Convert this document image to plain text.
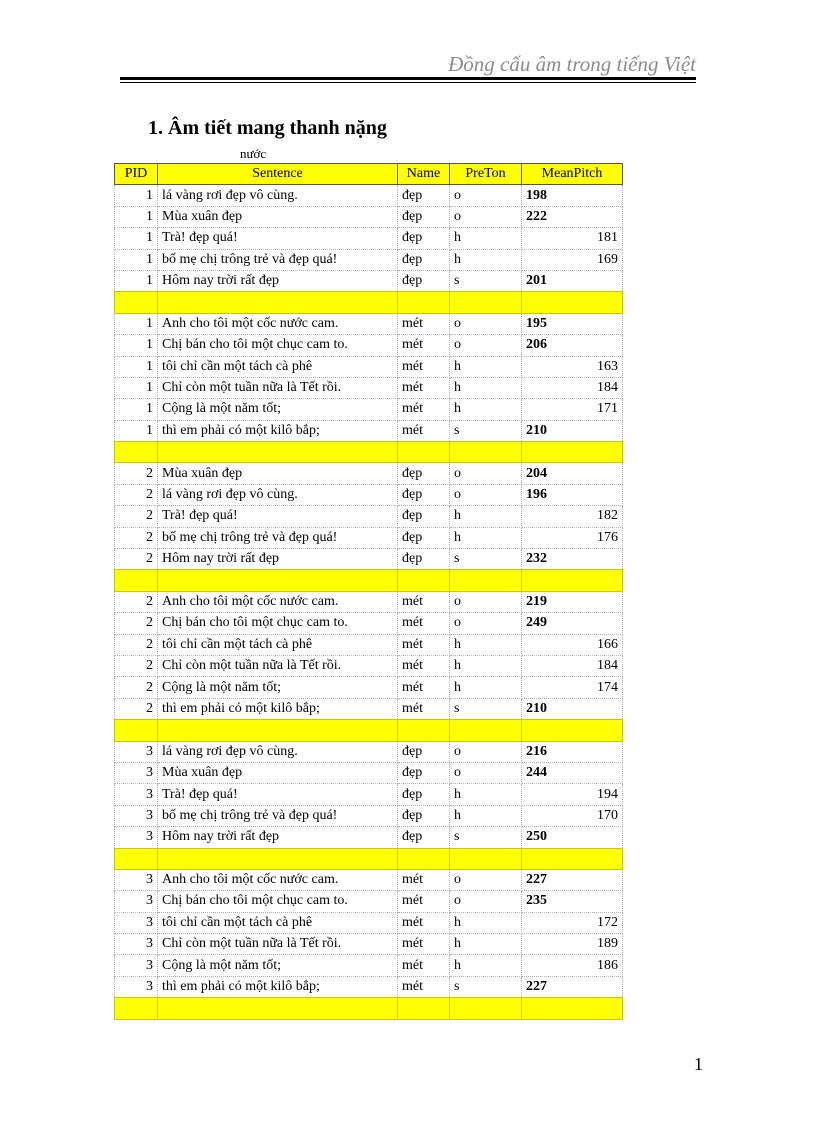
Đồng cấu âm trong tiếng Việt
1. Âm tiết mang thanh nặng
nước
PID	Sentence	Name	PreTon	MeanPitch
1	lá vàng rơi đẹp vô cùng.	đẹp	o	198
1	Mùa xuân đẹp	đẹp	o	222
1	Trà! đẹp quá!	đẹp	h	181
1	bố mẹ chị trông trẻ và đẹp quá!	đẹp	h	169
1	Hôm nay trời rất đẹp	đẹp	s	201

1	Anh cho tôi một cốc nước cam.	mét	o	195
1	Chị bán cho tôi một chục cam to.	mét	o	206
1	tôi chỉ cần một tách cà phê	mét	h	163
1	Chỉ còn một tuần nữa là Tết rồi.	mét	h	184
1	Cộng là một năm tốt;	mét	h	171
1	thì em phải có một kilô bắp;	mét	s	210

2	Mùa xuân đẹp	đẹp	o	204
2	lá vàng rơi đẹp vô cùng.	đẹp	o	196
2	Trà! đẹp quá!	đẹp	h	182
2	bố mẹ chị trông trẻ và đẹp quá!	đẹp	h	176
2	Hôm nay trời rất đẹp	đẹp	s	232

2	Anh cho tôi một cốc nước cam.	mét	o	219
2	Chị bán cho tôi một chục cam to.	mét	o	249
2	tôi chỉ cần một tách cà phê	mét	h	166
2	Chỉ còn một tuần nữa là Tết rồi.	mét	h	184
2	Cộng là một năm tốt;	mét	h	174
2	thì em phải có một kilô bắp;	mét	s	210

3	lá vàng rơi đẹp vô cùng.	đẹp	o	216
3	Mùa xuân đẹp	đẹp	o	244
3	Trà! đẹp quá!	đẹp	h	194
3	bố mẹ chị trông trẻ và đẹp quá!	đẹp	h	170
3	Hôm nay trời rất đẹp	đẹp	s	250

3	Anh cho tôi một cốc nước cam.	mét	o	227
3	Chị bán cho tôi một chục cam to.	mét	o	235
3	tôi chỉ cần một tách cà phê	mét	h	172
3	Chỉ còn một tuần nữa là Tết rồi.	mét	h	189
3	Cộng là một năm tốt;	mét	h	186
3	thì em phải có một kilô bắp;	mét	s	227

1
